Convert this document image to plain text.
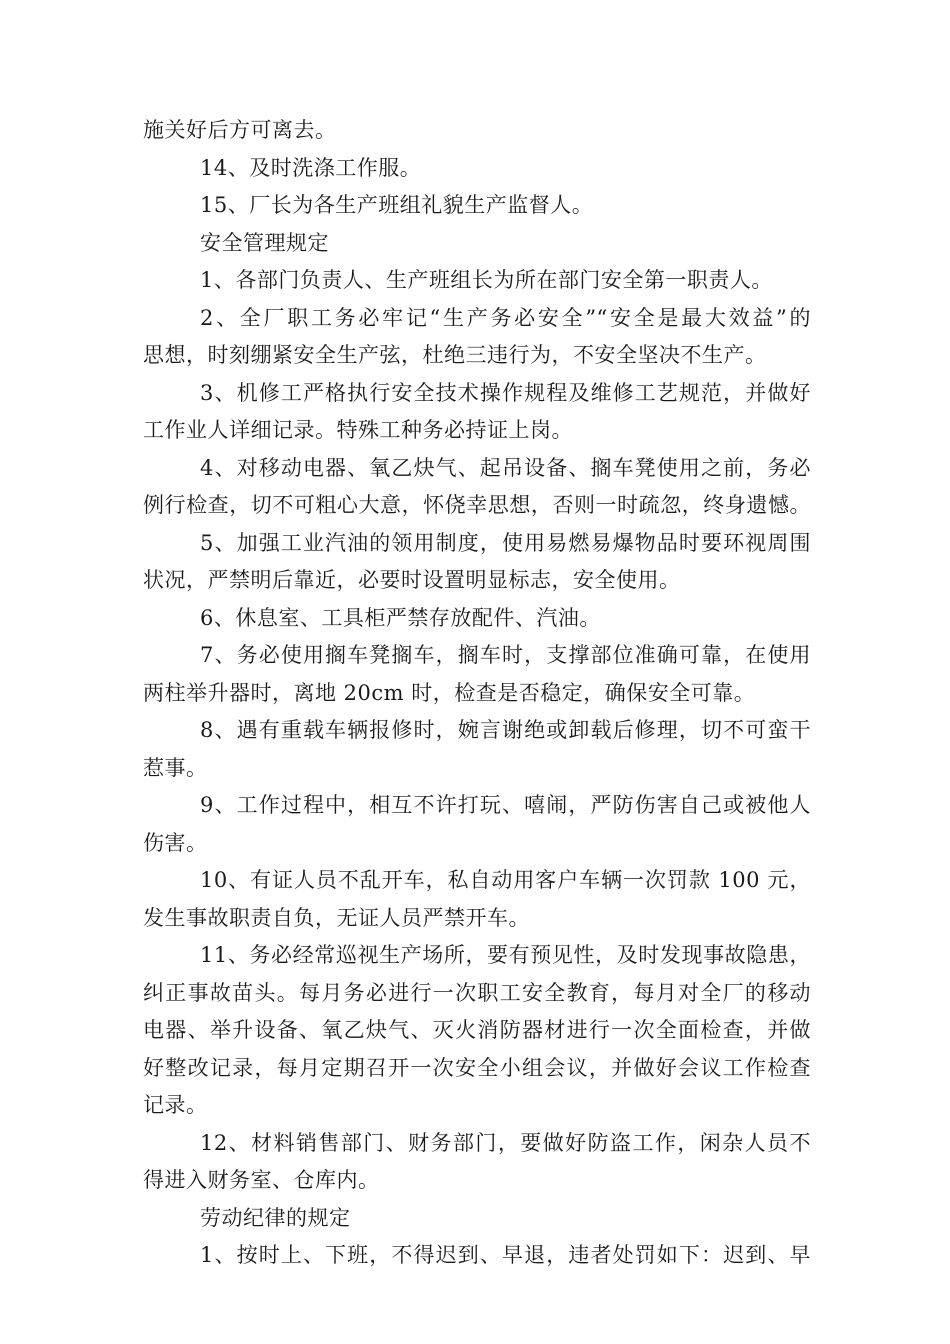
施关好后方可离去。
14、及时洗涤工作服。
15、厂长为各生产班组礼貌生产监督人。
安全管理规定
1、各部门负责人、生产班组长为所在部门安全第一职责人。
2、全厂职工务必牢记“生产务必安全”“安全是最大效益”的
思想，时刻绷紧安全生产弦，杜绝三违行为，不安全坚决不生产。
3、机修工严格执行安全技术操作规程及维修工艺规范，并做好
工作业人详细记录。特殊工种务必持证上岗。
4、对移动电器、氧乙炔气、起吊设备、搁车凳使用之前，务必
例行检查，切不可粗心大意，怀侥幸思想，否则一时疏忽，终身遗憾。
5、加强工业汽油的领用制度，使用易燃易爆物品时要环视周围
状况，严禁明后靠近，必要时设置明显标志，安全使用。
6、休息室、工具柜严禁存放配件、汽油。
7、务必使用搁车凳搁车，搁车时，支撑部位准确可靠，在使用
两柱举升器时，离地 20cm 时，检查是否稳定，确保安全可靠。
8、遇有重载车辆报修时，婉言谢绝或卸载后修理，切不可蛮干
惹事。
9、工作过程中，相互不许打玩、嘻闹，严防伤害自己或被他人
伤害。
10、有证人员不乱开车，私自动用客户车辆一次罚款 100 元，
发生事故职责自负，无证人员严禁开车。
11、务必经常巡视生产场所，要有预见性，及时发现事故隐患，
纠正事故苗头。每月务必进行一次职工安全教育，每月对全厂的移动
电器、举升设备、氧乙炔气、灭火消防器材进行一次全面检查，并做
好整改记录，每月定期召开一次安全小组会议，并做好会议工作检查
记录。
12、材料销售部门、财务部门，要做好防盗工作，闲杂人员不
得进入财务室、仓库内。
劳动纪律的规定
1、按时上、下班，不得迟到、早退，违者处罚如下：迟到、早
